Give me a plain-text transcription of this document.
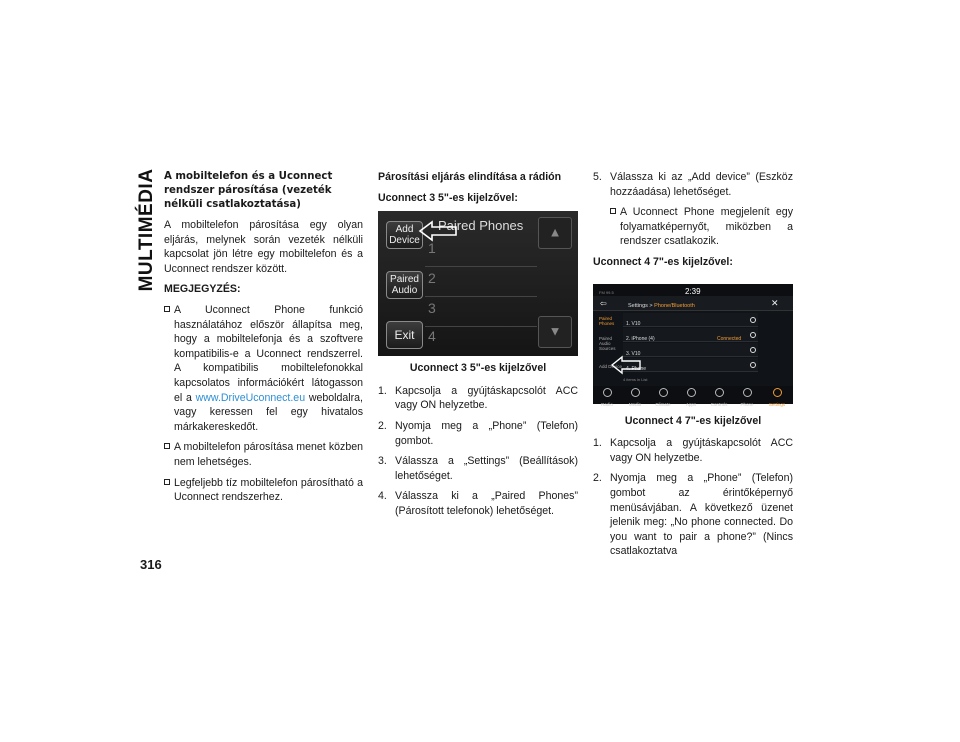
MULTIMÉDIA
316
A mobiltelefon és a Uconnect rendszer párosítása (vezeték nélküli csatlakoztatása)

A mobiltelefon párosítása egy olyan eljárás, melynek során vezeték nélküli kapcsolat jön létre egy mobiltelefon és a Uconnect rendszer között.

MEGJEGYZÉS:

A Uconnect Phone funkció használatához először állapítsa meg, hogy a mobiltelefonja és a szoftvere kompatibilis-e a Uconnect rendszerrel. A kompatibilis mobiltelefonokkal kapcsolatos információkért látogasson el a www.DriveUconnect.eu weboldalra, vagy keressen fel egy hivatalos márkakereskedőt.
A mobiltelefon párosítása menet közben nem lehetséges.
Legfeljebb tíz mobiltelefon párosítható a Uconnect rendszerhez.

Párosítási eljárás elindítása a rádión

Uconnect 3 5"-es kijelzővel:

Add Device
Paired Audio
Exit
Paired Phones
1
2
3
4
▲
▼
Uconnect 3 5"-es kijelzővel
1. Kapcsolja a gyújtáskapcsolót ACC vagy ON helyzetbe.
2. Nyomja meg a „Phone” (Telefon) gombot.
3. Válassza a „Settings” (Beállítások) lehetőséget.
4. Válassza ki a „Paired Phones” (Párosított telefonok) lehetőséget.
5. Válassza ki az „Add device” (Eszköz hozzáadása) lehetőséget.
A Uconnect Phone megjelenít egy folyamatképernyőt, miközben a rendszer csatlakozik.

Uconnect 4 7"-es kijelzővel:

FM 99.5	2:39
⇦	Settings > Phone/Bluetooth	✕
Paired Phones
Paired Audio Sources
Add Device
1. V10
2. iPhone (4)	Connected
3. V10
4. Phone
4 items in List
Radio	Media	Climate	Apps	Controls	Phone	Settings
Uconnect 4 7"-es kijelzővel
1. Kapcsolja a gyújtáskapcsolót ACC vagy ON helyzetbe.
2. Nyomja meg a „Phone” (Telefon) gombot az érintőképernyő menüsávjában. A következő üzenet jelenik meg: „No phone connected. Do you want to pair a phone?” (Nincs csatlakoztatva
